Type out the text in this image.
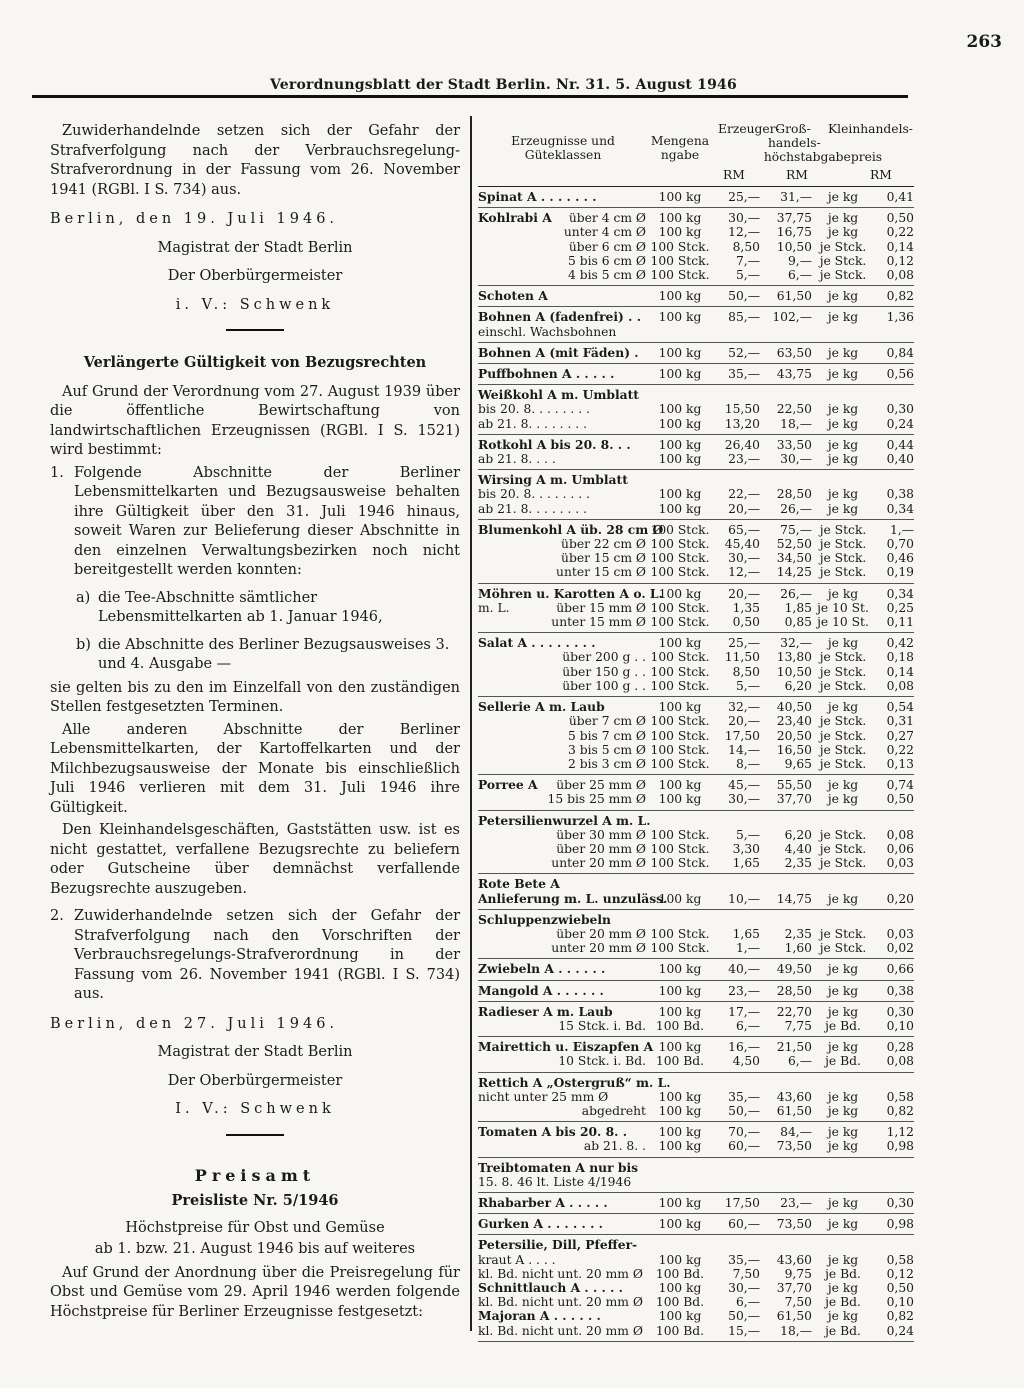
263
Verordnungsblatt der Stadt Berlin. Nr. 31. 5. August 1946

Zuwiderhandelnde setzen sich der Gefahr der Strafverfolgung nach der Verbrauchsregelung-Strafverordnung in der Fassung vom 26. November 1941 (RGBl. I S. 734) aus.

Berlin, den 19. Juli 1946.

Magistrat der Stadt Berlin
Der Oberbürgermeister
i. V.: Schwenk
Verlängerte Gültigkeit von Bezugsrechten

Auf Grund der Verordnung vom 27. August 1939 über die öffentliche Bewirtschaftung von landwirtschaftlichen Erzeugnissen (RGBl. I S. 1521) wird bestimmt:

1. Folgende Abschnitte der Berliner Lebensmittelkarten und Bezugsausweise behalten ihre Gültigkeit über den 31. Juli 1946 hinaus, soweit Waren zur Belieferung dieser Abschnitte in den einzelnen Verwaltungsbezirken noch nicht bereitgestellt werden konnten:
a) die Tee-Abschnitte sämtlicher Lebensmittelkarten ab 1. Januar 1946,
b) die Abschnitte des Berliner Bezugsausweises 3. und 4. Ausgabe —

sie gelten bis zu den im Einzelfall von den zuständigen Stellen festgesetzten Terminen.

Alle anderen Abschnitte der Berliner Lebensmittelkarten, der Kartoffelkarten und der Milchbezugsausweise der Monate bis einschließlich Juli 1946 verlieren mit dem 31. Juli 1946 ihre Gültigkeit.

Den Kleinhandelsgeschäften, Gaststätten usw. ist es nicht gestattet, verfallene Bezugsrechte zu beliefern oder Gutscheine über demnächst verfallende Bezugsrechte auszugeben.

2. Zuwiderhandelnde setzen sich der Gefahr der Strafverfolgung nach den Vorschriften der Verbrauchsregelungs-Strafverordnung in der Fassung vom 26. November 1941 (RGBl. I S. 734) aus.

Berlin, den 27. Juli 1946.

Magistrat der Stadt Berlin
Der Oberbürgermeister
I. V.: Schwenk
Preisamt
Preisliste Nr. 5/1946
Höchstpreise für Obst und Gemüse
ab 1. bzw. 21. August 1946 bis auf weiteres

Auf Grund der Anordnung über die Preisregelung für Obst und Gemüse vom 29. April 1946 werden folgende Höchstpreise für Berliner Erzeugnisse festgesetzt:

Erzeugnisse und Güteklassen
Mengenangabe
Erzeuger-
Groß-handels-
Kleinhandels-
höchstabgabepreis
RM	RM	RM
Spinat A . . . . . . .	100 kg	25,—	31,—	je kg	0,41
Kohlrabi A über 4 cm Ø	100 kg	30,—	37,75	je kg	0,50

unter 4 cm Ø	100 kg	12,—	16,75	je kg	0,22

über 6 cm Ø	100 Stck.	8,50	10,50	je Stck.	0,14

5 bis 6 cm Ø	100 Stck.	7,—	9,—	je Stck.	0,12

4 bis 5 cm Ø	100 Stck.	5,—	6,—	je Stck.	0,08
Schoten A	100 kg	50,—	61,50	je kg	0,82
Bohnen A (fadenfrei) . .	100 kg	85,—	102,—	je kg	1,36
einschl. Wachsbohnen					
Bohnen A (mit Fäden) .	100 kg	52,—	63,50	je kg	0,84
Puffbohnen A . . . . .	100 kg	35,—	43,75	je kg	0,56
Weißkohl A m. Umblatt					
bis 20. 8. . . . . . . .	100 kg	15,50	22,50	je kg	0,30
ab 21. 8. . . . . . . .	100 kg	13,20	18,—	je kg	0,24
Rotkohl A bis 20. 8. . .	100 kg	26,40	33,50	je kg	0,44
ab 21. 8. . . .	100 kg	23,—	30,—	je kg	0,40
Wirsing A m. Umblatt					
bis 20. 8. . . . . . . .	100 kg	22,—	28,50	je kg	0,38
ab 21. 8. . . . . . . .	100 kg	20,—	26,—	je kg	0,34
Blumenkohl A üb. 28 cm Ø	100 Stck.	65,—	75,—	je Stck.	1,—

über 22 cm Ø	100 Stck.	45,40	52,50	je Stck.	0,70

über 15 cm Ø	100 Stck.	30,—	34,50	je Stck.	0,46

unter 15 cm Ø	100 Stck.	12,—	14,25	je Stck.	0,19
Möhren u. Karotten A o. L.	100 kg	20,—	26,—	je kg	0,34
m. L. über 15 mm Ø	100 Stck.	1,35	1,85	je 10 St.	0,25

unter 15 mm Ø	100 Stck.	0,50	0,85	je 10 St.	0,11
Salat A . . . . . . . .	100 kg	25,—	32,—	je kg	0,42

über 200 g . .	100 Stck.	11,50	13,80	je Stck.	0,18

über 150 g . .	100 Stck.	8,50	10,50	je Stck.	0,14

über 100 g . .	100 Stck.	5,—	6,20	je Stck.	0,08
Sellerie A m. Laub	100 kg	32,—	40,50	je kg	0,54

über 7 cm Ø	100 Stck.	20,—	23,40	je Stck.	0,31

5 bis 7 cm Ø	100 Stck.	17,50	20,50	je Stck.	0,27

3 bis 5 cm Ø	100 Stck.	14,—	16,50	je Stck.	0,22

2 bis 3 cm Ø	100 Stck.	8,—	9,65	je Stck.	0,13
Porree A über 25 mm Ø	100 kg	45,—	55,50	je kg	0,74

15 bis 25 mm Ø	100 kg	30,—	37,70	je kg	0,50
Petersilienwurzel A m. L.					

über 30 mm Ø	100 Stck.	5,—	6,20	je Stck.	0,08

über 20 mm Ø	100 Stck.	3,30	4,40	je Stck.	0,06

unter 20 mm Ø	100 Stck.	1,65	2,35	je Stck.	0,03
Rote Bete A					
Anlieferung m. L. unzuläss.	100 kg	10,—	14,75	je kg	0,20
Schluppenzwiebeln					

über 20 mm Ø	100 Stck.	1,65	2,35	je Stck.	0,03

unter 20 mm Ø	100 Stck.	1,—	1,60	je Stck.	0,02
Zwiebeln A . . . . . .	100 kg	40,—	49,50	je kg	0,66
Mangold A . . . . . .	100 kg	23,—	28,50	je kg	0,38
Radieser A m. Laub	100 kg	17,—	22,70	je kg	0,30

15 Stck. i. Bd.	100 Bd.	6,—	7,75	je Bd.	0,10
Mairettich u. Eiszapfen A	100 kg	16,—	21,50	je kg	0,28

10 Stck. i. Bd.	100 Bd.	4,50	6,—	je Bd.	0,08
Rettich A „Ostergruß“ m. L.					
nicht unter 25 mm Ø	100 kg	35,—	43,60	je kg	0,58

abgedreht	100 kg	50,—	61,50	je kg	0,82
Tomaten A bis 20. 8. .	100 kg	70,—	84,—	je kg	1,12

ab 21. 8. .	100 kg	60,—	73,50	je kg	0,98
Treibtomaten A nur bis					
15. 8. 46 lt. Liste 4/1946					
Rhabarber A . . . . .	100 kg	17,50	23,—	je kg	0,30
Gurken A . . . . . . .	100 kg	60,—	73,50	je kg	0,98
Petersilie, Dill, Pfeffer-					
kraut A . . . .	100 kg	35,—	43,60	je kg	0,58
kl. Bd. nicht unt. 20 mm Ø	100 Bd.	7,50	9,75	je Bd.	0,12
Schnittlauch A . . . . .	100 kg	30,—	37,70	je kg	0,50
kl. Bd. nicht unt. 20 mm Ø	100 Bd.	6,—	7,50	je Bd.	0,10
Majoran A . . . . . .	100 kg	50,—	61,50	je kg	0,82
kl. Bd. nicht unt. 20 mm Ø	100 Bd.	15,—	18,—	je Bd.	0,24
